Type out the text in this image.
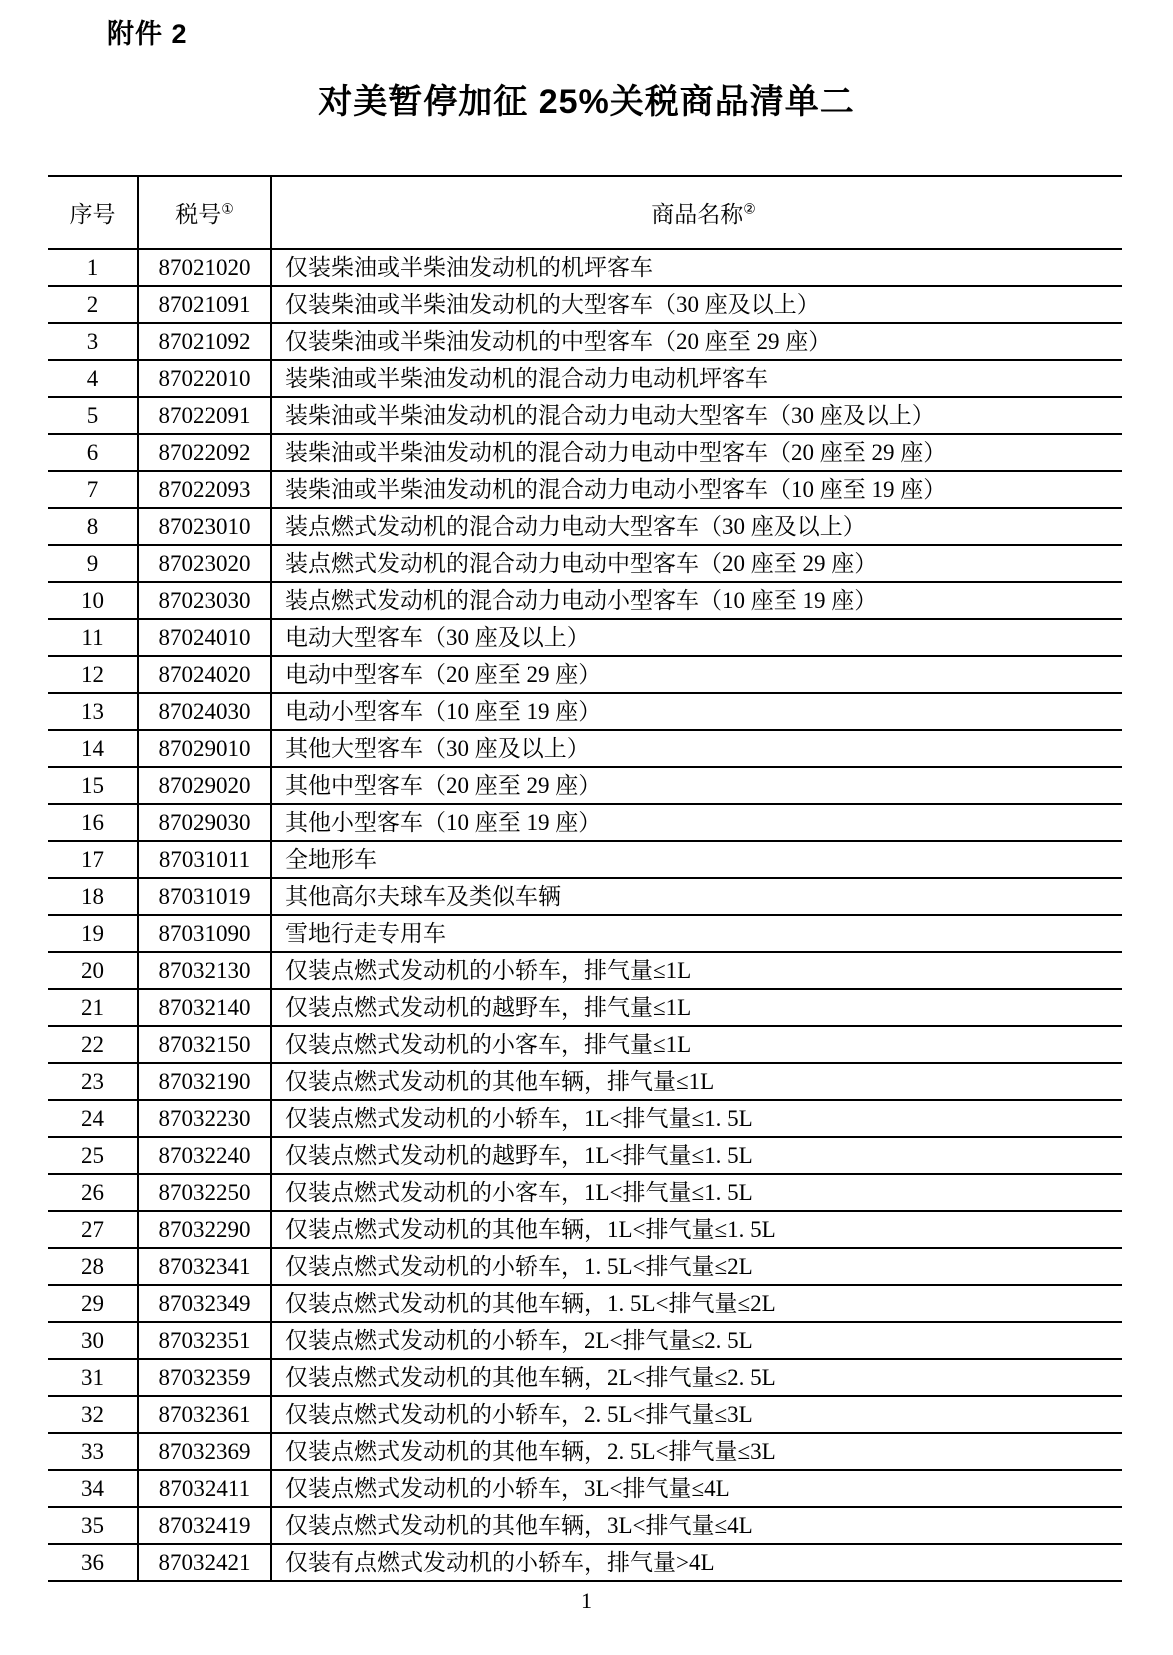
附件 2
对美暂停加征 25%关税商品清单二
序号	税号①	商品名称②
1	87021020	仅装柴油或半柴油发动机的机坪客车
2	87021091	仅装柴油或半柴油发动机的大型客车（30 座及以上）
3	87021092	仅装柴油或半柴油发动机的中型客车（20 座至 29 座）
4	87022010	装柴油或半柴油发动机的混合动力电动机坪客车
5	87022091	装柴油或半柴油发动机的混合动力电动大型客车（30 座及以上）
6	87022092	装柴油或半柴油发动机的混合动力电动中型客车（20 座至 29 座）
7	87022093	装柴油或半柴油发动机的混合动力电动小型客车（10 座至 19 座）
8	87023010	装点燃式发动机的混合动力电动大型客车（30 座及以上）
9	87023020	装点燃式发动机的混合动力电动中型客车（20 座至 29 座）
10	87023030	装点燃式发动机的混合动力电动小型客车（10 座至 19 座）
11	87024010	电动大型客车（30 座及以上）
12	87024020	电动中型客车（20 座至 29 座）
13	87024030	电动小型客车（10 座至 19 座）
14	87029010	其他大型客车（30 座及以上）
15	87029020	其他中型客车（20 座至 29 座）
16	87029030	其他小型客车（10 座至 19 座）
17	87031011	全地形车
18	87031019	其他高尔夫球车及类似车辆
19	87031090	雪地行走专用车
20	87032130	仅装点燃式发动机的小轿车，排气量≤1L
21	87032140	仅装点燃式发动机的越野车，排气量≤1L
22	87032150	仅装点燃式发动机的小客车，排气量≤1L
23	87032190	仅装点燃式发动机的其他车辆，排气量≤1L
24	87032230	仅装点燃式发动机的小轿车，1L<排气量≤1. 5L
25	87032240	仅装点燃式发动机的越野车，1L<排气量≤1. 5L
26	87032250	仅装点燃式发动机的小客车，1L<排气量≤1. 5L
27	87032290	仅装点燃式发动机的其他车辆，1L<排气量≤1. 5L
28	87032341	仅装点燃式发动机的小轿车，1. 5L<排气量≤2L
29	87032349	仅装点燃式发动机的其他车辆，1. 5L<排气量≤2L
30	87032351	仅装点燃式发动机的小轿车，2L<排气量≤2. 5L
31	87032359	仅装点燃式发动机的其他车辆，2L<排气量≤2. 5L
32	87032361	仅装点燃式发动机的小轿车，2. 5L<排气量≤3L
33	87032369	仅装点燃式发动机的其他车辆，2. 5L<排气量≤3L
34	87032411	仅装点燃式发动机的小轿车，3L<排气量≤4L
35	87032419	仅装点燃式发动机的其他车辆，3L<排气量≤4L
36	87032421	仅装有点燃式发动机的小轿车，排气量>4L
1
